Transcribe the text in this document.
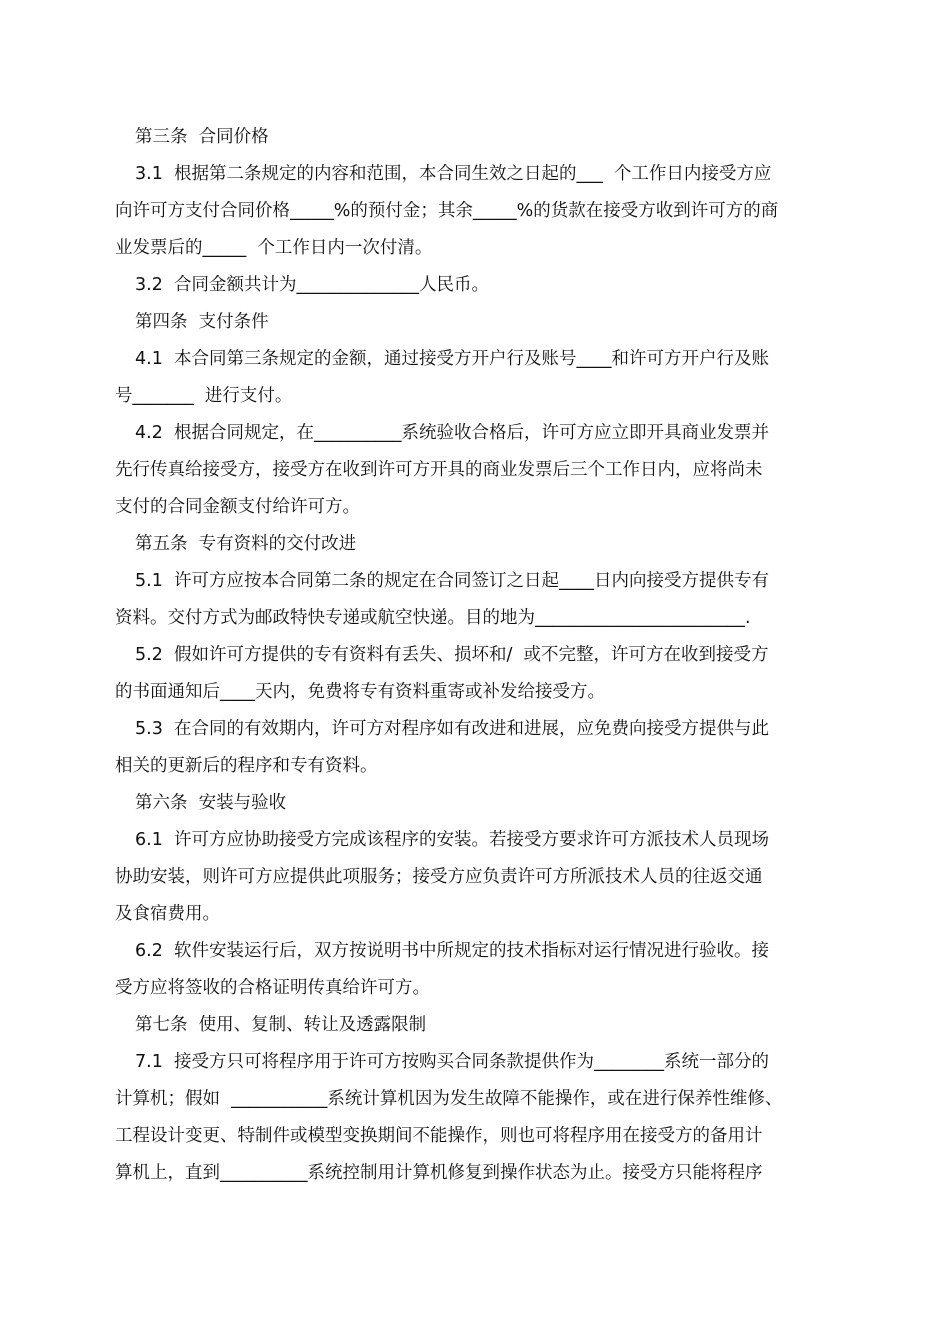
第三条  合同价格
3.1  根据第二条规定的内容和范围，本合同生效之日起的___  个工作日内接受方应
向许可方支付合同价格_____%的预付金；其余_____%的货款在接受方收到许可方的商
业发票后的_____  个工作日内一次付清。
3.2  合同金额共计为______________人民币。
第四条  支付条件
4.1  本合同第三条规定的金额，通过接受方开户行及账号____和许可方开户行及账
号_______  进行支付。
4.2  根据合同规定，在__________系统验收合格后，许可方应立即开具商业发票并
先行传真给接受方，接受方在收到许可方开具的商业发票后三个工作日内，应将尚未
支付的合同金额支付给许可方。
第五条  专有资料的交付改进
5.1  许可方应按本合同第二条的规定在合同签订之日起____日内向接受方提供专有
资料。交付方式为邮政特快专递或航空快递。目的地为________________________.
5.2  假如许可方提供的专有资料有丢失、损坏和/  或不完整，许可方在收到接受方
的书面通知后____天内，免费将专有资料重寄或补发给接受方。
5.3  在合同的有效期内，许可方对程序如有改进和进展，应免费向接受方提供与此
相关的更新后的程序和专有资料。
第六条  安装与验收
6.1  许可方应协助接受方完成该程序的安装。若接受方要求许可方派技术人员现场
协助安装，则许可方应提供此项服务；接受方应负责许可方所派技术人员的往返交通
及食宿费用。
6.2  软件安装运行后，双方按说明书中所规定的技术指标对运行情况进行验收。接
受方应将签收的合格证明传真给许可方。
第七条  使用、复制、转让及透露限制
7.1  接受方只可将程序用于许可方按购买合同条款提供作为________系统一部分的
计算机；假如  ___________系统计算机因为发生故障不能操作，或在进行保养性维修、
工程设计变更、特制件或模型变换期间不能操作，则也可将程序用在接受方的备用计
算机上，直到__________系统控制用计算机修复到操作状态为止。接受方只能将程序
